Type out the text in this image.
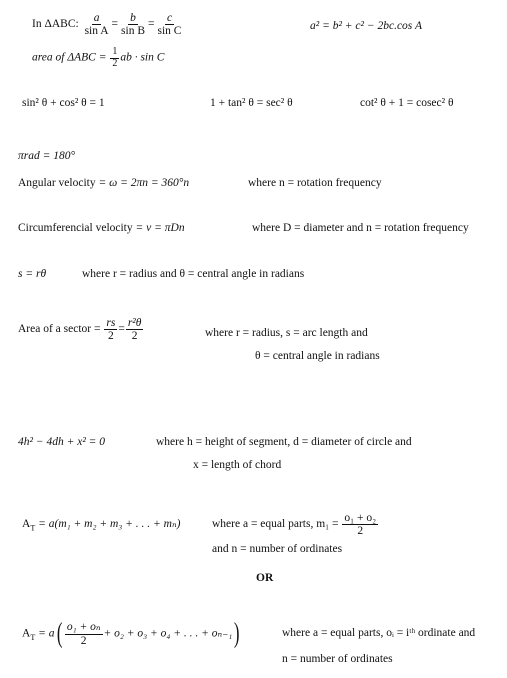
In ΔABC: $\frac{a}{\text{sin A}} = \frac{b}{\text{sin B}} = \frac{c}{\text{sin C}}$	a² = b² + c² − 2bc.cos A
area of $\Delta ABC = \frac{1}{2}$ ab · sin C
sin² θ + cos² θ = 1	1 + tan² θ = sec² θ	cot² θ + 1 = cosec² θ
πrad = 180°
Angular velocity = ω = 2πn = 360°n	where n = rotation frequency
Circumferencial velocity = v = πDn	where D = diameter and n = rotation frequency
s = rθ	where r = radius and θ = central angle in radians
Area of a sector = $\frac{rs}{2} = \frac{\text{r²θ}}{2}$	where r = radius, s = arc length and
θ = central angle in radians
4h² − 4dh + x² = 0	where h = height of segment, d = diameter of circle and
x = length of chord
$A_T = a(m_1 + m_2 + m_3$ + . . . + mₙ)	where a = equal parts, $m_1 = \frac{\text{o₁ + o₂}}{2}$
and n = number of ordinates
OR
$A_T = a( \frac{\text{o₁ + oₙ}}{2} + o_2 + o_3 + o_4$ + . . . + oₙ₋₁)	where a = equal parts, oᵢ = iᵗʰ ordinate and
n = number of ordinates
